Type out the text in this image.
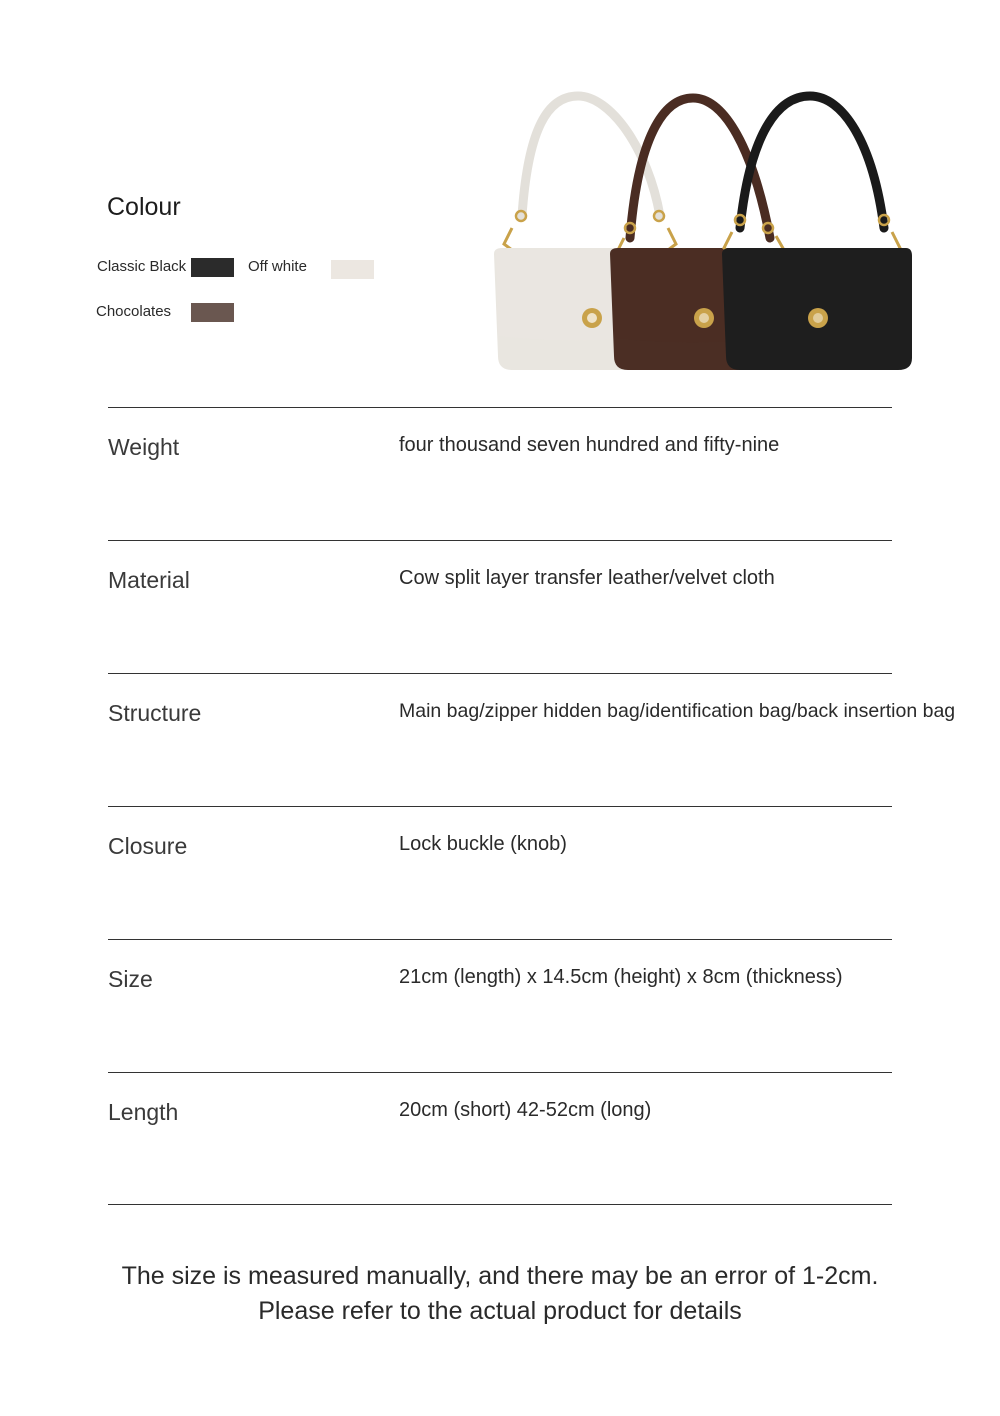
Colour
Classic Black	Off white
Chocolates
Weight	four thousand seven hundred and fifty-nine
Material	Cow split layer transfer leather/velvet cloth
Structure	Main bag/zipper hidden bag/identification bag/back insertion bag
Closure	Lock buckle (knob)
Size	21cm (length) x 14.5cm (height) x 8cm (thickness)
Length	20cm (short) 42-52cm (long)
The size is measured manually, and there may be an error of 1-2cm.
Please refer to the actual product for details
